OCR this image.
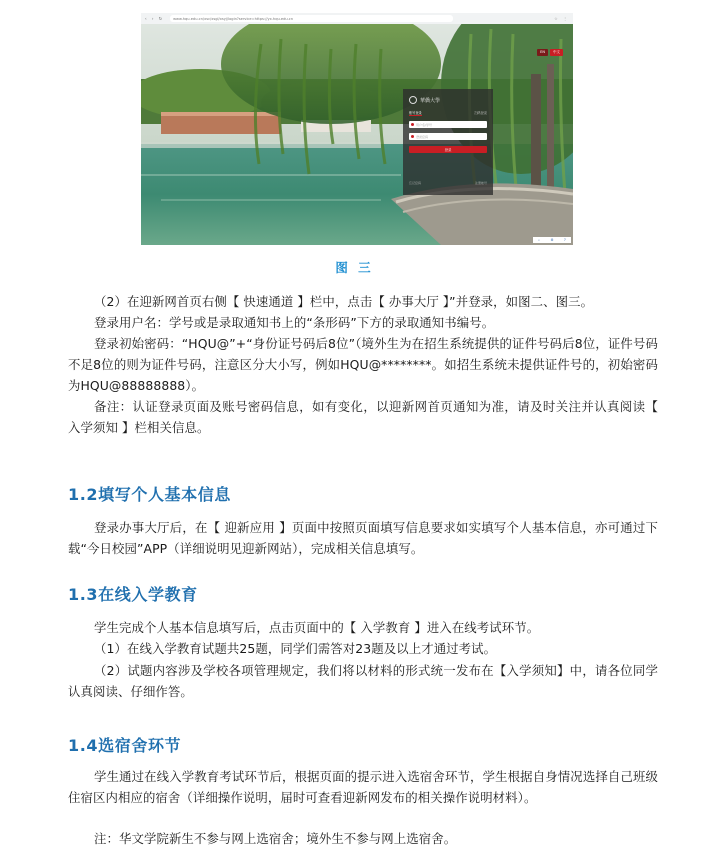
‹ › ↻	www.hqu.edu.cn/xsc/xsgl/xsyj/login?service=https://yx.hqu.edu.cn	☆ ⋮
EN	中文
華僑大學
账号登录	扫码登录
用户名/学号
登录密码
登录
忘记密码	注册帐号
⌕	⚙	?
图 三

（2）在迎新网首页右侧【 快速通道 】栏中，点击【 办事大厅 】”并登录，如图二、图三。

登录用户名：学号或是录取通知书上的“条形码”下方的录取通知书编号。

登录初始密码：“HQU@”+“身份证号码后8位”（境外生为在招生系统提供的证件号码后8位，证件号码不足8位的则为证件号码，注意区分大小写，例如HQU@********。如招生系统未提供证件号的，初始密码为HQU@88888888）。

备注：认证登录页面及账号密码信息，如有变化，以迎新网首页通知为准，请及时关注并认真阅读【 入学须知 】栏相关信息。

1.2填写个人基本信息

登录办事大厅后，在【 迎新应用 】页面中按照页面填写信息要求如实填写个人基本信息，亦可通过下载“今日校园”APP（详细说明见迎新网站），完成相关信息填写。

1.3在线入学教育

学生完成个人基本信息填写后，点击页面中的【 入学教育 】进入在线考试环节。

（1）在线入学教育试题共25题，同学们需答对23题及以上才通过考试。

（2）试题内容涉及学校各项管理规定，我们将以材料的形式统一发布在【入学须知】中，请各位同学认真阅读、仔细作答。

1.4选宿舍环节

学生通过在线入学教育考试环节后，根据页面的提示进入选宿舍环节，学生根据自身情况选择自己班级住宿区内相应的宿舍（详细操作说明，届时可查看迎新网发布的相关操作说明材料）。

注：华文学院新生不参与网上选宿舍；境外生不参与网上选宿舍。
